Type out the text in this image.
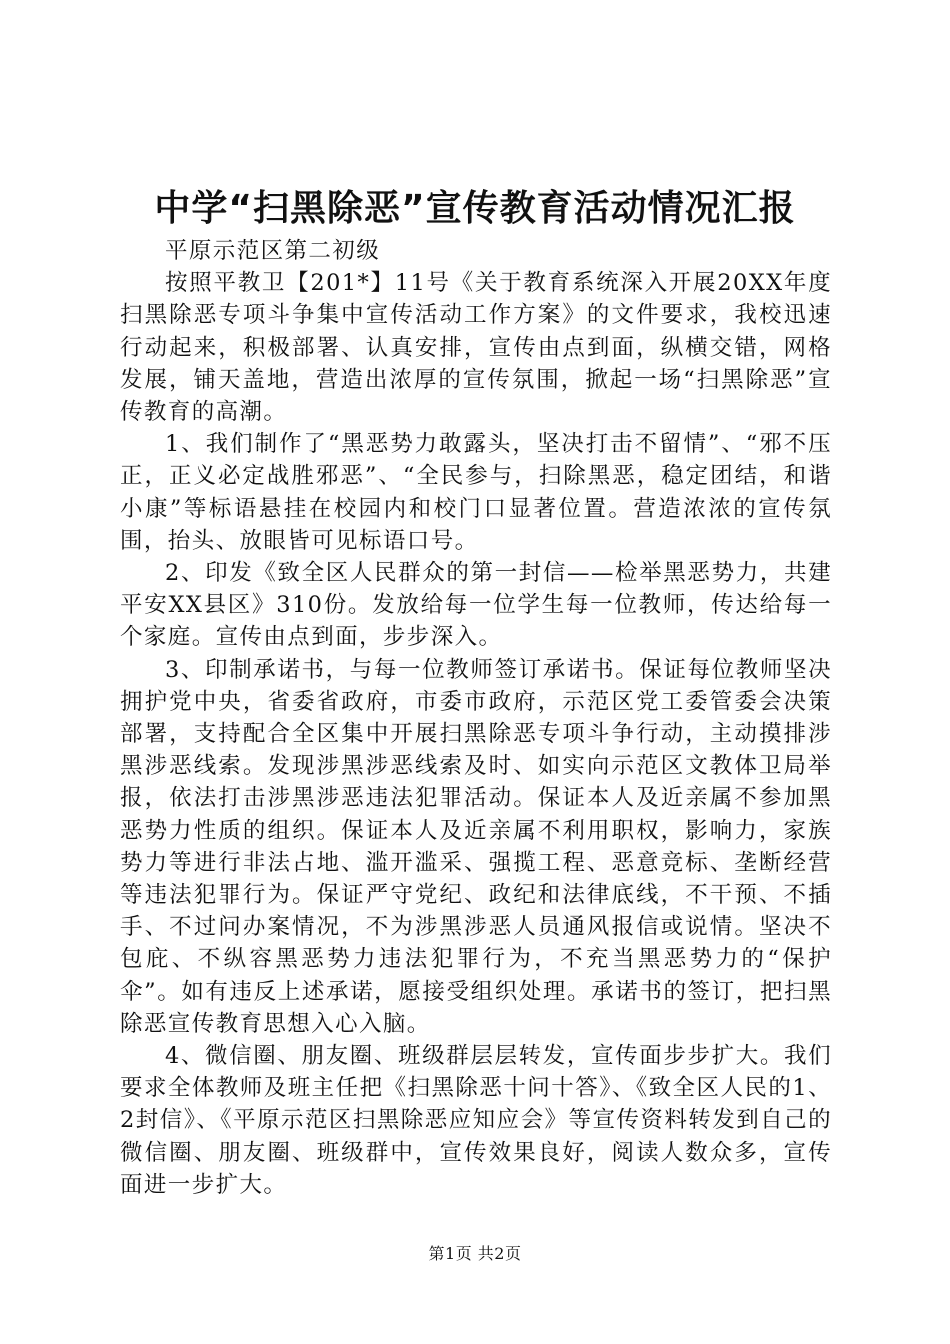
中学“扫黑除恶”宣传教育活动情况汇报

平原示范区第二初级

按照平教卫【201*】11号《关于教育系统深入开展20XX年度扫黑除恶专项斗争集中宣传活动工作方案》的文件要求，我校迅速行动起来，积极部署、认真安排，宣传由点到面，纵横交错，网格发展，铺天盖地，营造出浓厚的宣传氛围，掀起一场“扫黑除恶”宣传教育的高潮。

1、我们制作了“黑恶势力敢露头，坚决打击不留情”、“邪不压正，正义必定战胜邪恶”、“全民参与，扫除黑恶，稳定团结，和谐小康”等标语悬挂在校园内和校门口显著位置。营造浓浓的宣传氛围，抬头、放眼皆可见标语口号。

2、印发《致全区人民群众的第一封信——检举黑恶势力，共建平安XX县区》310份。发放给每一位学生每一位教师，传达给每一个家庭。宣传由点到面，步步深入。

3、印制承诺书，与每一位教师签订承诺书。保证每位教师坚决拥护党中央，省委省政府，市委市政府，示范区党工委管委会决策部署，支持配合全区集中开展扫黑除恶专项斗争行动，主动摸排涉黑涉恶线索。发现涉黑涉恶线索及时、如实向示范区文教体卫局举报，依法打击涉黑涉恶违法犯罪活动。保证本人及近亲属不参加黑恶势力性质的组织。保证本人及近亲属不利用职权，影响力，家族势力等进行非法占地、滥开滥采、强揽工程、恶意竞标、垄断经营等违法犯罪行为。保证严守党纪、政纪和法律底线，不干预、不插手、不过问办案情况，不为涉黑涉恶人员通风报信或说情。坚决不包庇、不纵容黑恶势力违法犯罪行为，不充当黑恶势力的“保护伞”。如有违反上述承诺，愿接受组织处理。承诺书的签订，把扫黑除恶宣传教育思想入心入脑。

4、微信圈、朋友圈、班级群层层转发，宣传面步步扩大。我们要求全体教师及班主任把《扫黑除恶十问十答》、《致全区人民的1、2封信》、《平原示范区扫黑除恶应知应会》等宣传资料转发到自己的微信圈、朋友圈、班级群中，宣传效果良好，阅读人数众多，宣传面进一步扩大。

第1页 共2页
